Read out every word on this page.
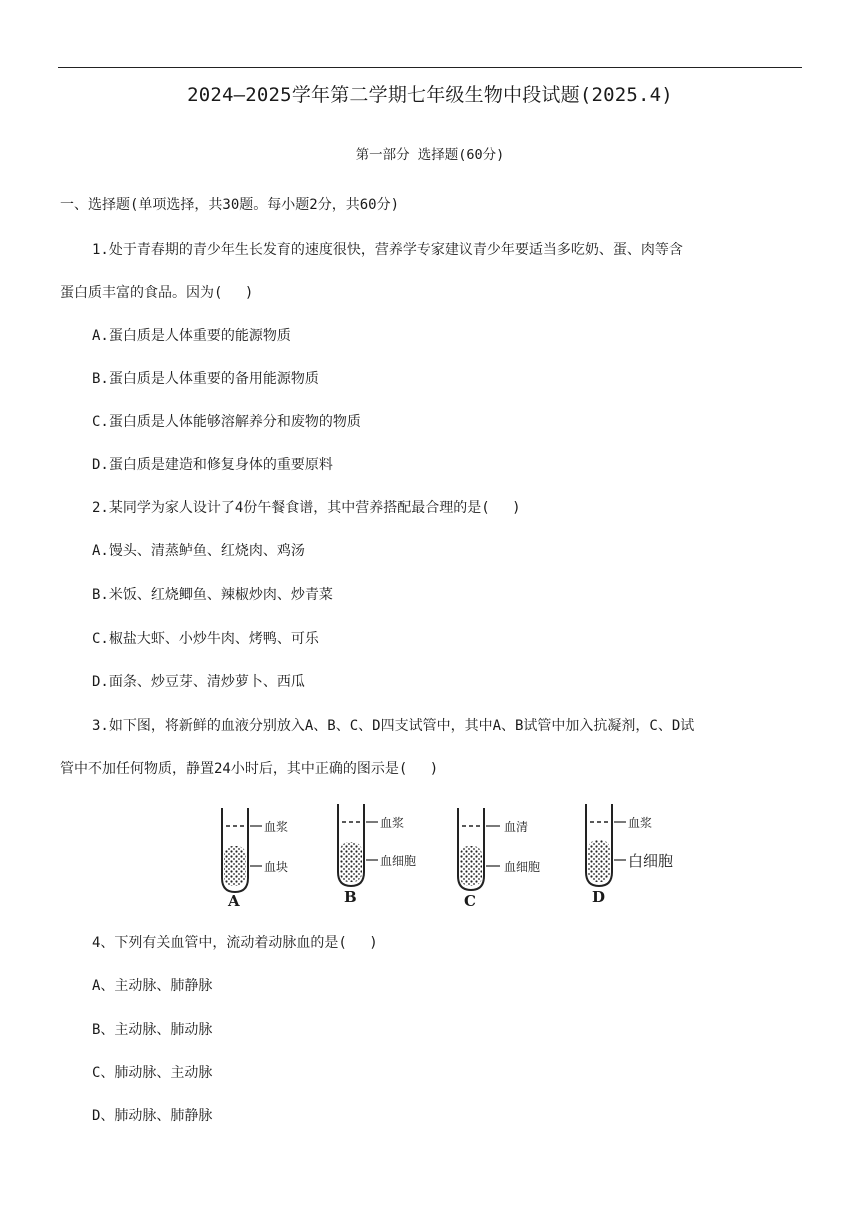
2024—2025学年第二学期七年级生物中段试题(2025.4)
第一部分 选择题(60分)
一、选择题(单项选择，共30题。每小题2分，共60分)
1.处于青春期的青少年生长发育的速度很快，营养学专家建议青少年要适当多吃奶、蛋、肉等含
蛋白质丰富的食品。因为(　 )
A.蛋白质是人体重要的能源物质
B.蛋白质是人体重要的备用能源物质
C.蛋白质是人体能够溶解养分和废物的物质
D.蛋白质是建造和修复身体的重要原料
2.某同学为家人设计了4份午餐食谱，其中营养搭配最合理的是(　 )
A.馒头、清蒸鲈鱼、红烧肉、鸡汤
B.米饭、红烧鲫鱼、辣椒炒肉、炒青菜
C.椒盐大虾、小炒牛肉、烤鸭、可乐
D.面条、炒豆芽、清炒萝卜、西瓜
3.如下图，将新鲜的血液分别放入A、B、C、D四支试管中，其中A、B试管中加入抗凝剂，C、D试
管中不加任何物质，静置24小时后，其中正确的图示是(　 )
血浆
血块
A
血浆
血细胞
B
血清
血细胞
C
血浆
白细胞
D
4、下列有关血管中，流动着动脉血的是(　 )
A、主动脉、肺静脉
B、主动脉、肺动脉
C、肺动脉、主动脉
D、肺动脉、肺静脉
